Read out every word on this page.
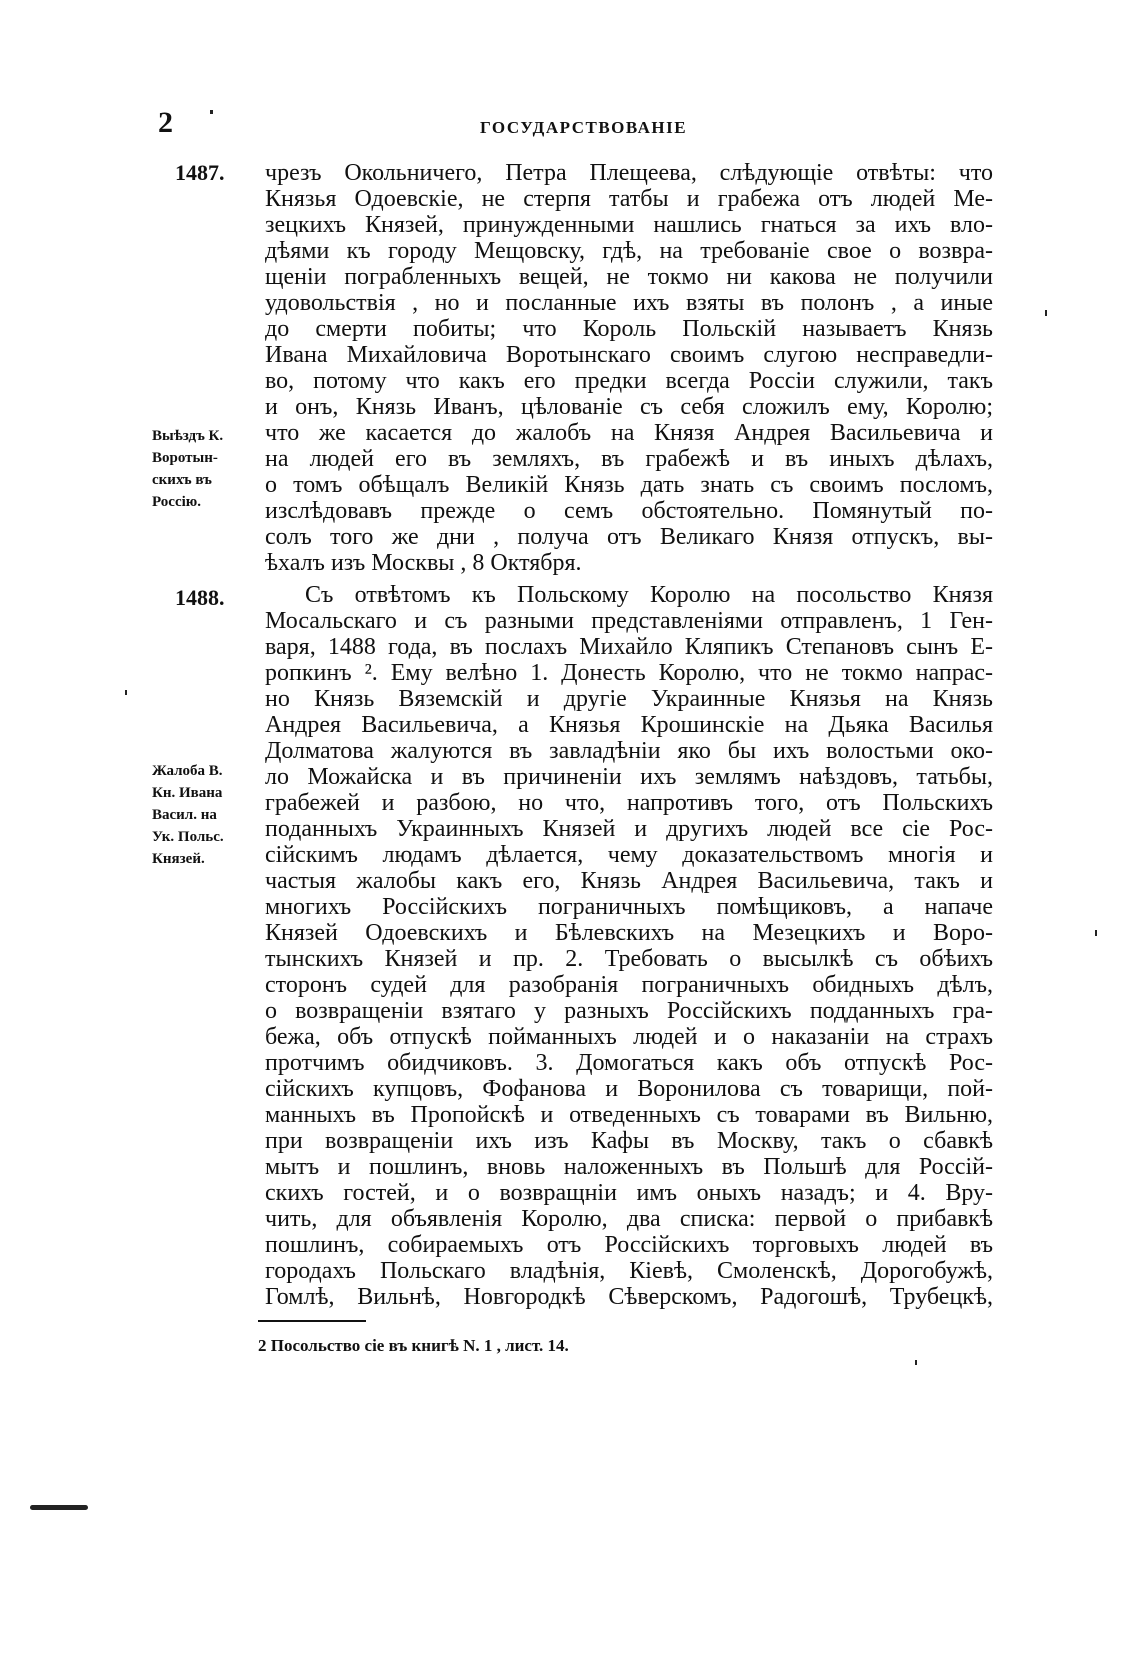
2	ГОСУДАРСТВОВАНІЕ
1487.
1488.
Выѣздъ К.
Воротын-
скихъ въ
Россію.
Жалоба В.
Кн. Ивана
Васил. на
Ук. Польс.
Князей.
чрезъ Окольничего, Петра Плещеева, слѣдующіе отвѣты: что
Князья Одоевскіе, не стерпя татбы и грабежа отъ людей Ме-
зецкихъ Князей, принужденными нашлись гнаться за ихъ вло-
дѣями къ городу Мещовску, гдѣ, на требованіе свое о возвра-
щеніи пограбленныхъ вещей, не токмо ни какова не получили
удовольствія , но и посланные ихъ взяты въ полонъ , а иные
до смерти побиты; что Король Польскій называетъ Князь
Ивана Михайловича Воротынскаго своимъ слугою несправедли-
во, потому что какъ его предки всегда Россіи служили, такъ
и онъ, Князь Иванъ, цѣлованіе съ себя сложилъ ему, Королю;
что же касается до жалобъ на Князя Андрея Васильевича и
на людей его въ земляхъ, въ грабежѣ и въ иныхъ дѣлахъ,
о томъ обѣщалъ Великій Князь дать знать съ своимъ посломъ,
изслѣдовавъ прежде о семъ обстоятельно. Помянутый по-
солъ того же дни , получа отъ Великаго Князя отпускъ, вы-
ѣхалъ изъ Москвы , 8 Октября.
Съ отвѣтомъ къ Польскому Королю на посольство Князя
Мосальскаго и съ разными представленіями отправленъ, 1 Ген-
варя, 1488 года, въ послахъ Михайло Кляпикъ Степановъ сынъ Е-
ропкинъ ². Ему велѣно 1. Донесть Королю, что не токмо напрас-
но Князь Вяземскій и другіе Украинные Князья на Князь
Андрея Васильевича, а Князья Крошинскіе на Дьяка Василья
Долматова жалуются въ завладѣніи яко бы ихъ волостьми око-
ло Можайска и въ причиненіи ихъ землямъ наѣздовъ, татьбы,
грабежей и разбою, но что, напротивъ того, отъ Польскихъ
поданныхъ Украинныхъ Князей и другихъ людей все сіе Рос-
сійскимъ людамъ дѣлается, чему доказательствомъ многія и
частыя жалобы какъ его, Князь Андрея Васильевича, такъ и
многихъ Россійскихъ пограничныхъ помѣщиковъ, а напаче
Князей Одоевскихъ и Бѣлевскихъ на Мезецкихъ и Воро-
тынскихъ Князей и пр. 2. Требовать о высылкѣ съ обѣихъ
сторонъ судей для разобранія пограничныхъ обидныхъ дѣлъ,
о возвращеніи взятаго у разныхъ Россійскихъ подданныхъ гра-
бежа, объ отпускѣ пойманныхъ людей и о наказаніи на страхъ
протчимъ обидчиковъ. 3. Домогаться какъ объ отпускѣ Рос-
сійскихъ купцовъ, Фофанова и Воронилова съ товарищи, пой-
манныхъ въ Пропойскѣ и отведенныхъ съ товарами въ Вильню,
при возвращеніи ихъ изъ Кафы въ Москву, такъ о сбавкѣ
мытъ и пошлинъ, вновь наложенныхъ въ Польшѣ для Россій-
скихъ гостей, и о возвращніи имъ оныхъ назадъ; и 4. Вру-
чить, для объявленія Королю, два списка: первой о прибавкѣ
пошлинъ, собираемыхъ отъ Россійскихъ торговыхъ людей въ
городахъ Польскаго владѣнія, Кіевѣ, Смоленскѣ, Дорогобужѣ,
Гомлѣ, Вильнѣ, Новгородкѣ Сѣверскомъ, Радогошѣ, Трубецкѣ,
2 Посольство сіе въ книгѣ N. 1 , лист. 14.
